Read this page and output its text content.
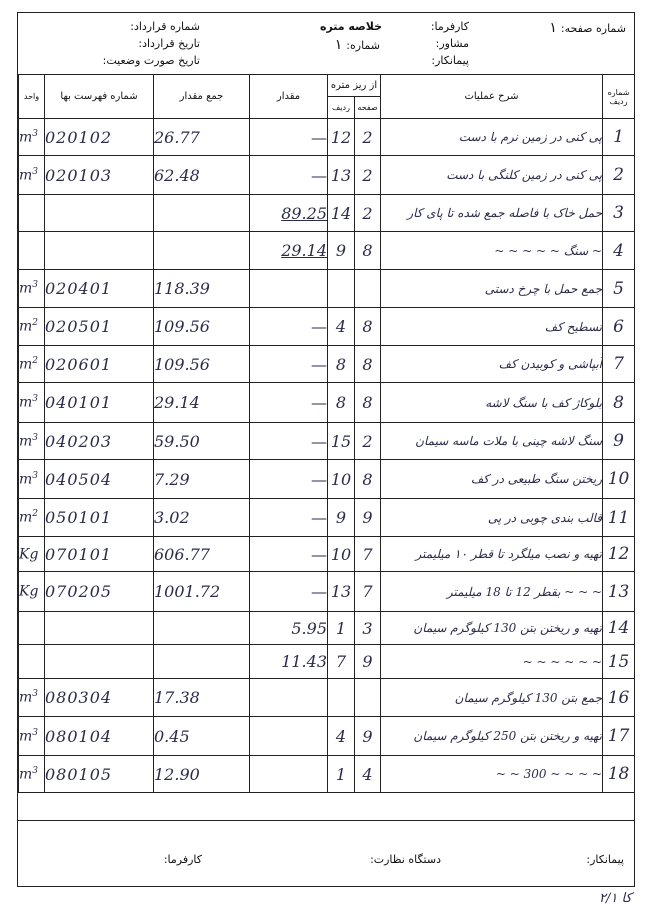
شماره صفحه:۱
کارفرما:
مشاور:
پیمانکار:
خلاصه متره
شماره:۱
شماره قرارداد:
تاریخ قرارداد:
تاریخ صورت وضعیت:
واحد	شماره فهرست بها	جمع مقدار	مقدار	از ریز متره		شرح عملیات	شماره ردیف
				ردیف	صفحه		
$m^3$	020102	26.77	—	12	2	پی کنی در زمین نرم با دست	1
$m^3$	020103	62.48	—	13	2	پی کنی در زمین کلنگی با دست	2
			89.25	14	2	حمل خاک با فاصله جمع شده تا پای کار	3
			29.14	9	8	~ سنگ ~ ~ ~ ~ ~	4
$m^3$	020401	118.39				جمع حمل با چرخ دستی	5
$m^2$	020501	109.56	—	4	8	تسطیح کف	6
$m^2$	020601	109.56	—	8	8	آبپاشی و کوبیدن کف	7
$m^3$	040101	29.14	—	8	8	بلوکاژ کف با سنگ لاشه	8
$m^3$	040203	59.50	—	15	2	سنگ لاشه چینی با ملات ماسه سیمان	9
$m^3$	040504	7.29	—	10	8	ریختن سنگ طبیعی در کف	10
$m^2$	050101	3.02	—	9	9	قالب بندی چوبی در پی	11
Kg	070101	606.77	—	10	7	تهیه و نصب میلگرد تا قطر ۱۰ میلیمتر	12
Kg	070205	1001.72	—	13	7	~ ~ ~ بقطر 12 تا 18 میلیمتر	13
			5.95	1	3	تهیه و ریختن بتن 130 کیلوگرم سیمان	14
			11.43	7	9	~ ~ ~ ~ ~ ~	15
$m^3$	080304	17.38				جمع بتن 130 کیلوگرم سیمان	16
$m^3$	080104	0.45		4	9	تهیه و ریختن بتن 250 کیلوگرم سیمان	17
$m^3$	080105	12.90		1	4	~ ~ ~ ~ 300 ~ ~	18
پیمانکار:
دستگاه نظارت:
کارفرما:
۲/۱ کا
